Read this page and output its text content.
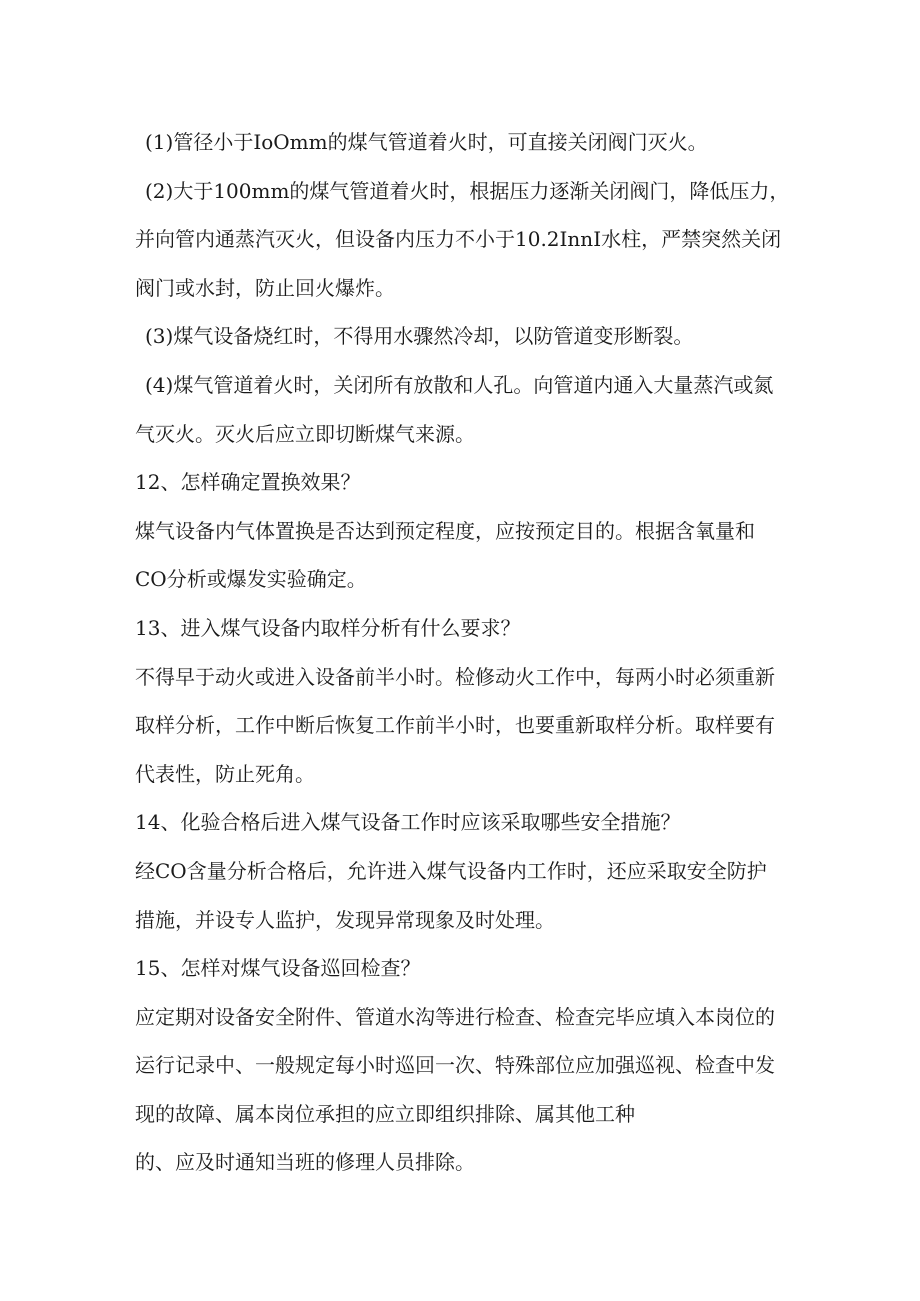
(1)管径小于IoOmm的煤气管道着火时，可直接关闭阀门灭火。
(2)大于100mm的煤气管道着火时，根据压力逐渐关闭阀门，降低压力，
并向管内通蒸汽灭火，但设备内压力不小于10.2InnI水柱，严禁突然关闭
阀门或水封，防止回火爆炸。
(3)煤气设备烧红时，不得用水骤然冷却，以防管道变形断裂。
(4)煤气管道着火时，关闭所有放散和人孔。向管道内通入大量蒸汽或氮
气灭火。灭火后应立即切断煤气来源。
12、怎样确定置换效果？
煤气设备内气体置换是否达到预定程度，应按预定目的。根据含氧量和
CO分析或爆发实验确定。
13、进入煤气设备内取样分析有什么要求？
不得早于动火或进入设备前半小时。检修动火工作中，每两小时必须重新
取样分析，工作中断后恢复工作前半小时，也要重新取样分析。取样要有
代表性，防止死角。
14、化验合格后进入煤气设备工作时应该采取哪些安全措施？
经CO含量分析合格后，允许进入煤气设备内工作时，还应采取安全防护
措施，并设专人监护，发现异常现象及时处理。
15、怎样对煤气设备巡回检查？
应定期对设备安全附件、管道水沟等进行检查、检查完毕应填入本岗位的
运行记录中、一般规定每小时巡回一次、特殊部位应加强巡视、检查中发
现的故障、属本岗位承担的应立即组织排除、属其他工种
的、应及时通知当班的修理人员排除。
